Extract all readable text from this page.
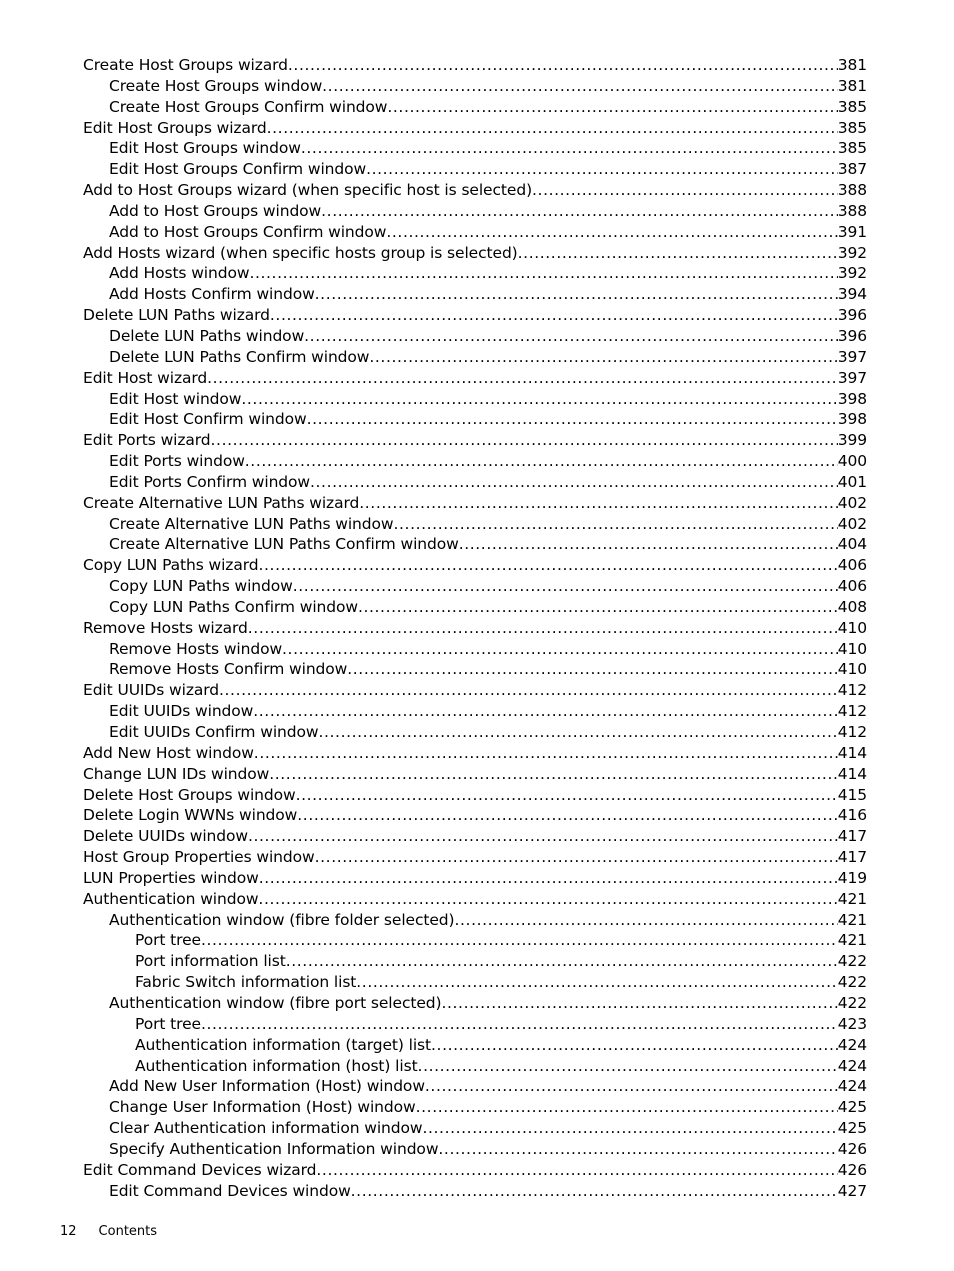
Create Host Groups wizard .....	381
Create Host Groups window .....	381
Create Host Groups Confirm window .....	385
Edit Host Groups wizard .....	385
Edit Host Groups window .....	385
Edit Host Groups Confirm window .....	387
Add to Host Groups wizard (when specific host is selected) .....	388
Add to Host Groups window .....	388
Add to Host Groups Confirm window .....	391
Add Hosts wizard (when specific hosts group is selected) .....	392
Add Hosts window .....	392
Add Hosts Confirm window .....	394
Delete LUN Paths wizard .....	396
Delete LUN Paths window .....	396
Delete LUN Paths Confirm window .....	397
Edit Host wizard .....	397
Edit Host window .....	398
Edit Host Confirm window .....	398
Edit Ports wizard .....	399
Edit Ports window .....	400
Edit Ports Confirm window .....	401
Create Alternative LUN Paths wizard .....	402
Create Alternative LUN Paths window .....	402
Create Alternative LUN Paths Confirm window .....	404
Copy LUN Paths wizard .....	406
Copy LUN Paths window .....	406
Copy LUN Paths Confirm window .....	408
Remove Hosts wizard .....	410
Remove Hosts window .....	410
Remove Hosts Confirm window .....	410
Edit UUIDs wizard .....	412
Edit UUIDs window .....	412
Edit UUIDs Confirm window .....	412
Add New Host window .....	414
Change LUN IDs window .....	414
Delete Host Groups window .....	415
Delete Login WWNs window .....	416
Delete UUIDs window .....	417
Host Group Properties window .....	417
LUN Properties window .....	419
Authentication window .....	421
Authentication window (fibre folder selected) .....	421
Port tree .....	421
Port information list .....	422
Fabric Switch information list .....	422
Authentication window (fibre port selected) .....	422
Port tree .....	423
Authentication information (target) list .....	424
Authentication information (host) list .....	424
Add New User Information (Host) window .....	424
Change User Information (Host) window .....	425
Clear Authentication information window .....	425
Specify Authentication Information window .....	426
Edit Command Devices wizard .....	426
Edit Command Devices window .....	427
12 Contents
